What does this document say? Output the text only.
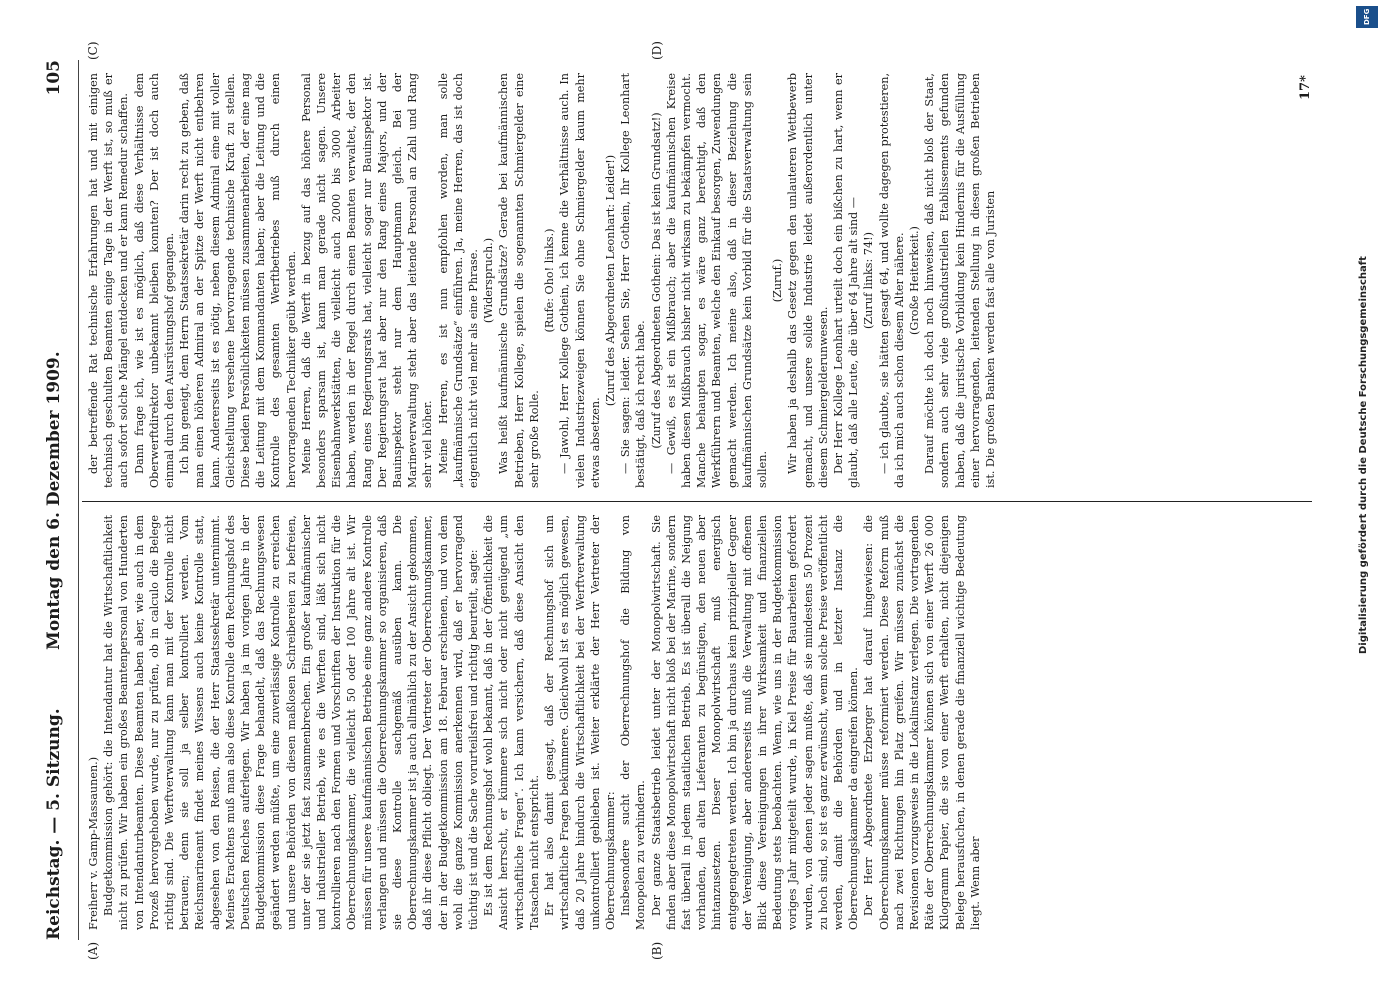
Reichstag. — 5. Sitzung.
Montag den 6. Dezember 1909.
105
(A)	(B)
(C)	(D)

Freiherr v. Gamp-Massaunen.) Budgetkommission gehört: die Intendantur hat die Wirtschaftlichkeit nicht zu prüfen. Wir haben ein großes Beamtenpersonal von Hunderten von Intendanturbeamten. Diese Beamten haben aber, wie auch in dem Prozeß hervorgehoben wurde, nur zu prüfen, ob in calculo die Belege richtig sind. Die Werftverwaltung kann man mit der Kontrolle nicht betrauen; denn sie soll ja selber kontrolliert werden. Vom Reichsmarineamt findet meines Wissens auch keine Kontrolle statt, abgesehen von den Reisen, die der Herr Staatssekretär unternimmt. Meines Erachtens muß man also diese Kontrolle dem Rechnungshof des Deutschen Reiches auferlegen. Wir haben ja im vorigen Jahre in der Budgetkommission diese Frage behandelt, daß das Rechnungswesen geändert werden müßte, um eine zuverlässige Kontrolle zu erreichen und unsere Behörden von diesen maßlosen Schreibereien zu befreien, unter der sie jetzt fast zusammenbrechen. Ein großer kaufmännischer und industrieller Betrieb, wie es die Werften sind, läßt sich nicht kontrollieren nach den Formen und Vorschriften der Instruktion für die Oberrechnungskammer, die vielleicht 50 oder 100 Jahre alt ist. Wir müssen für unsere kaufmännischen Betriebe eine ganz andere Kontrolle verlangen und müssen die Oberrechnungskammer so organisieren, daß sie diese Kontrolle sachgemäß ausüben kann. Die Oberrechnungskammer ist ja auch allmählich zu der Ansicht gekommen, daß ihr diese Pflicht obliegt. Der Vertreter der Oberrechnungskammer, der in der Budgetkommission am 18. Februar erschienen, und von dem wohl die ganze Kommission anerkennen wird, daß er hervorragend tüchtig ist und die Sache vorurteilsfrei und richtig beurteilt, sagte: Es ist dem Rechnungshof wohl bekannt, daß in der Öffentlichkeit die Ansicht herrscht, er kümmere sich nicht oder nicht genügend „um wirtschaftliche Fragen“. Ich kann versichern, daß diese Ansicht den Tatsachen nicht entspricht. Er hat also damit gesagt, daß der Rechnungshof sich um wirtschaftliche Fragen bekümmere. Gleichwohl ist es möglich gewesen, daß 20 Jahre hindurch die Wirtschaftlichkeit bei der Werftverwaltung unkontrolliert geblieben ist. Weiter erklärte der Herr Vertreter der Oberrechnungskammer: Insbesondere sucht der Oberrechnungshof die Bildung von Monopolen zu verhindern. Der ganze Staatsbetrieb leidet unter der Monopolwirtschaft. Sie finden aber diese Monopolwirtschaft nicht bloß bei der Marine, sondern fast überall in jedem staatlichen Betrieb. Es ist überall die Neigung vorhanden, den alten Lieferanten zu begünstigen, den neuen aber hintanzusetzen. Dieser Monopolwirtschaft muß energisch entgegengetreten werden. Ich bin ja durchaus kein prinzipieller Gegner der Vereinigung, aber andererseits muß die Verwaltung mit offenem Blick diese Vereinigungen in ihrer Wirksamkeit und finanziellen Bedeutung stets beobachten. Wenn, wie uns in der Budgetkommission voriges Jahr mitgeteilt wurde, in Kiel Preise für Bauarbeiten gefordert wurden, von denen jeder sagen mußte, daß sie mindestens 50 Prozent zu hoch sind, so ist es ganz erwünscht, wenn solche Preise veröffentlicht werden, damit die Behörden und in letzter Instanz die Oberrechnungskammer da eingreifen können. Der Herr Abgeordnete Erzberger hat darauf hingewiesen: die Oberrechnungskammer müsse reformiert werden. Diese Reform muß nach zwei Richtungen hin Platz greifen. Wir müssen zunächst die Revisionen vorzugsweise in die Lokalinstanz verlegen. Die vortragenden Räte der Oberrechnungskammer können sich von einer Werft 26 000 Kilogramm Papier, die sie von einer Werft erhalten, nicht diejenigen Belege herausfuchen, in denen gerade die finanziell wichtige Bedeutung liegt. Wenn aber

der betreffende Rat technische Erfahrungen hat und mit einigen technisch geschulten Beamten einige Tage in der Werft ist, so muß er auch sofort solche Mängel entdecken und er kann Remedur schaffen. Dann frage ich, wie ist es möglich, daß diese Verhältnisse dem Oberwerftdirektor unbekannt bleiben konnten? Der ist doch auch einmal durch den Ausrüstungshof gegangen. Ich bin geneigt, dem Herrn Staatssekretär darin recht zu geben, daß man einen höheren Admiral an der Spitze der Werft nicht entbehren kann. Andererseits ist es nötig, neben diesem Admiral eine mit voller Gleichstellung versehene hervorragende technische Kraft zu stellen. Diese beiden Persönlichkeiten müssen zusammenarbeiten, der eine mag die Leitung mit dem Kommandanten haben; aber die Leitung und die Kontrolle des gesamten Werftbetriebes muß durch einen hervorragenden Techniker geübt werden. Meine Herren, daß die Werft in bezug auf das höhere Personal besonders sparsam ist, kann man gerade nicht sagen. Unsere Eisenbahnwerkstätten, die vielleicht auch 2000 bis 3000 Arbeiter haben, werden in der Regel durch einen Beamten verwaltet, der den Rang eines Regierungsrats hat, vielleicht sogar nur Bauinspektor ist. Der Regierungsrat hat aber nur den Rang eines Majors, und der Bauinspektor steht nur dem Hauptmann gleich. Bei der Marineverwaltung steht aber das leitende Personal an Zahl und Rang sehr viel höher. Meine Herren, es ist nun empfohlen worden, man solle „kaufmännische Grundsätze“ einführen. Ja, meine Herren, das ist doch eigentlich nicht viel mehr als eine Phrase. (Widerspruch.) Was heißt kaufmännische Grundsätze? Gerade bei kaufmännischen Betrieben, Herr Kollege, spielen die sogenannten Schmiergelder eine sehr große Rolle.

(Rufe: Oho! links.) — Jawohl, Herr Kollege Gothein, ich kenne die Verhältnisse auch. In vielen Industriezweigen können Sie ohne Schmiergelder kaum mehr etwas absetzen.

(Zuruf des Abgeordneten Leonhart: Leider!) — Sie sagen: leider. Sehen Sie, Herr Gothein, Ihr Kollege Leonhart bestätigt, daß ich recht habe. (Zuruf des Abgeordneten Gothein: Das ist kein Grundsatz!) — Gewiß, es ist ein Mißbrauch; aber die kaufmännischen Kreise haben diesen Mißbrauch bisher nicht wirksam zu bekämpfen vermocht. Manche behaupten sogar, es wäre ganz berechtigt, daß den Werkführern und Beamten, welche den Einkauf besorgen, Zuwendungen gemacht werden. Ich meine also, daß in dieser Beziehung die kaufmännischen Grundsätze kein Vorbild für die Staatsverwaltung sein sollen.

(Zuruf.) Wir haben ja deshalb das Gesetz gegen den unlauteren Wettbewerb gemacht, und unsere solide Industrie leidet außerordentlich unter diesem Schmiergelderunwesen. Der Herr Kollege Leonhart urteilt doch ein bißchen zu hart, wenn er glaubt, daß alle Leute, die über 64 Jahre alt sind — (Zuruf links: 74!) — ich glaubte, sie hätten gesagt 64, und wollte dagegen protestieren, da ich mich auch schon diesem Alter nähere. (Große Heiterkeit.) Darauf möchte ich doch noch hinweisen, daß nicht bloß der Staat, sondern auch sehr viele großindustriellen Etablissements gefunden haben, daß die juristische Vorbildung kein Hindernis für die Ausfüllung einer hervorragenden, leitenden Stellung in diesen großen Betrieben ist. Die großen Banken werden fast alle von Juristen

17*
DFG
Digitalisierung gefördert durch die Deutsche Forschungsgemeinschaft
